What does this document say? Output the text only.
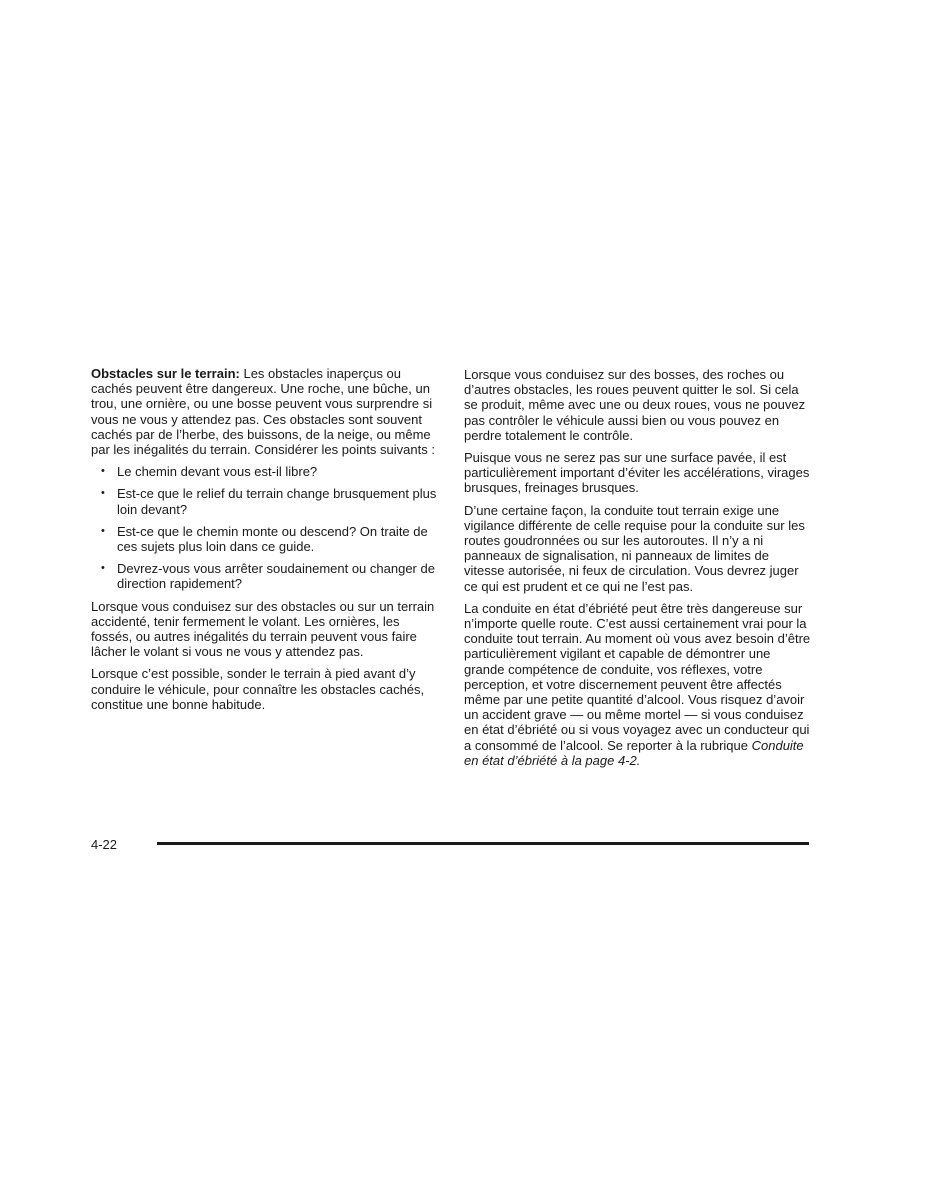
Obstacles sur le terrain: Les obstacles inaperçus ou cachés peuvent être dangereux. Une roche, une bûche, un trou, une ornière, ou une bosse peuvent vous surprendre si vous ne vous y attendez pas. Ces obstacles sont souvent cachés par de l’herbe, des buissons, de la neige, ou même par les inégalités du terrain. Considérer les points suivants :

• Le chemin devant vous est-il libre?
• Est-ce que le relief du terrain change brusquement plus loin devant?
• Est-ce que le chemin monte ou descend? On traite de ces sujets plus loin dans ce guide.
• Devrez-vous vous arrêter soudainement ou changer de direction rapidement?

Lorsque vous conduisez sur des obstacles ou sur un terrain accidenté, tenir fermement le volant. Les ornières, les fossés, ou autres inégalités du terrain peuvent vous faire lâcher le volant si vous ne vous y attendez pas.

Lorsque c’est possible, sonder le terrain à pied avant d’y conduire le véhicule, pour connaître les obstacles cachés, constitue une bonne habitude.

Lorsque vous conduisez sur des bosses, des roches ou d’autres obstacles, les roues peuvent quitter le sol. Si cela se produit, même avec une ou deux roues, vous ne pouvez pas contrôler le véhicule aussi bien ou vous pouvez en perdre totalement le contrôle.

Puisque vous ne serez pas sur une surface pavée, il est particulièrement important d’éviter les accélérations, virages brusques, freinages brusques.

D’une certaine façon, la conduite tout terrain exige une vigilance différente de celle requise pour la conduite sur les routes goudronnées ou sur les autoroutes. Il n’y a ni panneaux de signalisation, ni panneaux de limites de vitesse autorisée, ni feux de circulation. Vous devrez juger ce qui est prudent et ce qui ne l’est pas.

La conduite en état d’ébriété peut être très dangereuse sur n’importe quelle route. C’est aussi certainement vrai pour la conduite tout terrain. Au moment où vous avez besoin d’être particulièrement vigilant et capable de démontrer une grande compétence de conduite, vos réflexes, votre perception, et votre discernement peuvent être affectés même par une petite quantité d’alcool. Vous risquez d’avoir un accident grave — ou même mortel — si vous conduisez en état d’ébriété ou si vous voyagez avec un conducteur qui a consommé de l’alcool. Se reporter à la rubrique Conduite en état d’ébriété à la page 4-2.

4-22
